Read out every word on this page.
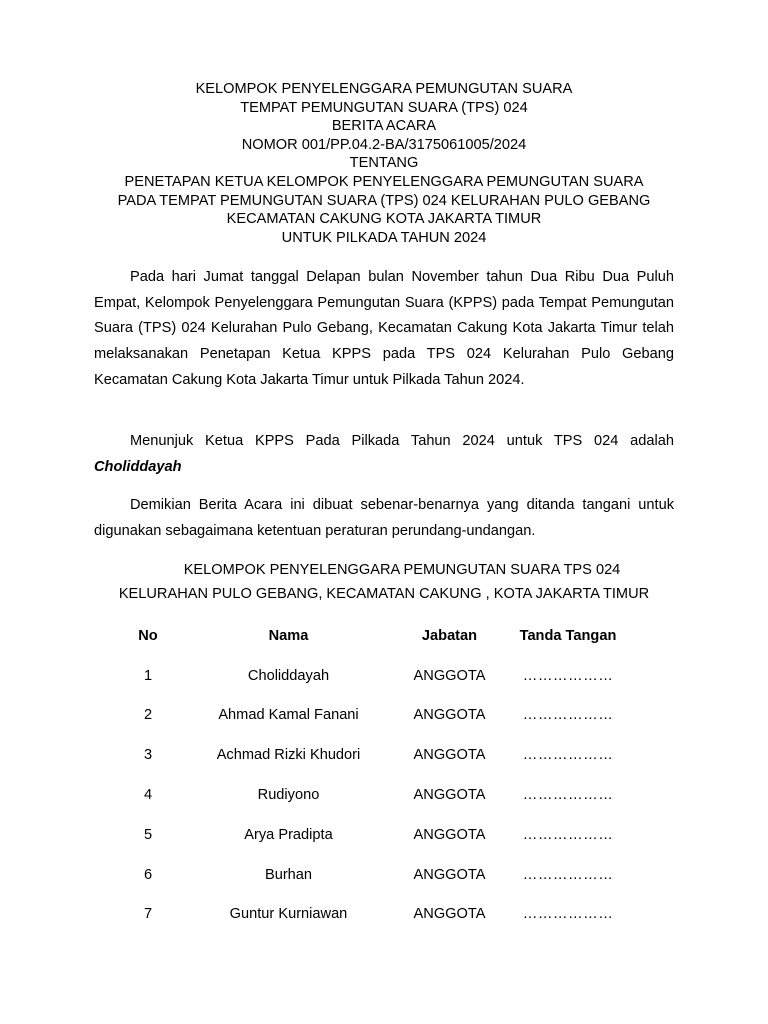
KELOMPOK PENYELENGGARA PEMUNGUTAN SUARA
TEMPAT PEMUNGUTAN SUARA (TPS) 024
BERITA ACARA
NOMOR 001/PP.04.2-BA/3175061005/2024
TENTANG
PENETAPAN KETUA KELOMPOK PENYELENGGARA PEMUNGUTAN SUARA
PADA TEMPAT PEMUNGUTAN SUARA (TPS) 024 KELURAHAN PULO GEBANG
KECAMATAN CAKUNG KOTA JAKARTA TIMUR
UNTUK PILKADA TAHUN 2024

Pada hari Jumat tanggal Delapan bulan November tahun Dua Ribu Dua Puluh Empat, Kelompok Penyelenggara Pemungutan Suara (KPPS) pada Tempat Pemungutan Suara (TPS) 024 Kelurahan Pulo Gebang, Kecamatan Cakung Kota Jakarta Timur telah melaksanakan Penetapan Ketua KPPS pada TPS 024 Kelurahan Pulo Gebang Kecamatan Cakung Kota Jakarta Timur untuk Pilkada Tahun 2024.

Menunjuk Ketua KPPS Pada Pilkada Tahun 2024 untuk TPS 024 adalah

Choliddayah

Demikian Berita Acara ini dibuat sebenar-benarnya yang ditanda tangani untuk digunakan sebagaimana ketentuan peraturan perundang-undangan.

KELOMPOK PENYELENGGARA PEMUNGUTAN SUARA TPS 024
KELURAHAN PULO GEBANG, KECAMATAN CAKUNG , KOTA JAKARTA TIMUR
No	Nama	Jabatan	Tanda Tangan
1	Choliddayah	ANGGOTA	………………
2	Ahmad Kamal Fanani	ANGGOTA	………………
3	Achmad Rizki Khudori	ANGGOTA	………………
4	Rudiyono	ANGGOTA	………………
5	Arya Pradipta	ANGGOTA	………………
6	Burhan	ANGGOTA	………………
7	Guntur Kurniawan	ANGGOTA	………………
